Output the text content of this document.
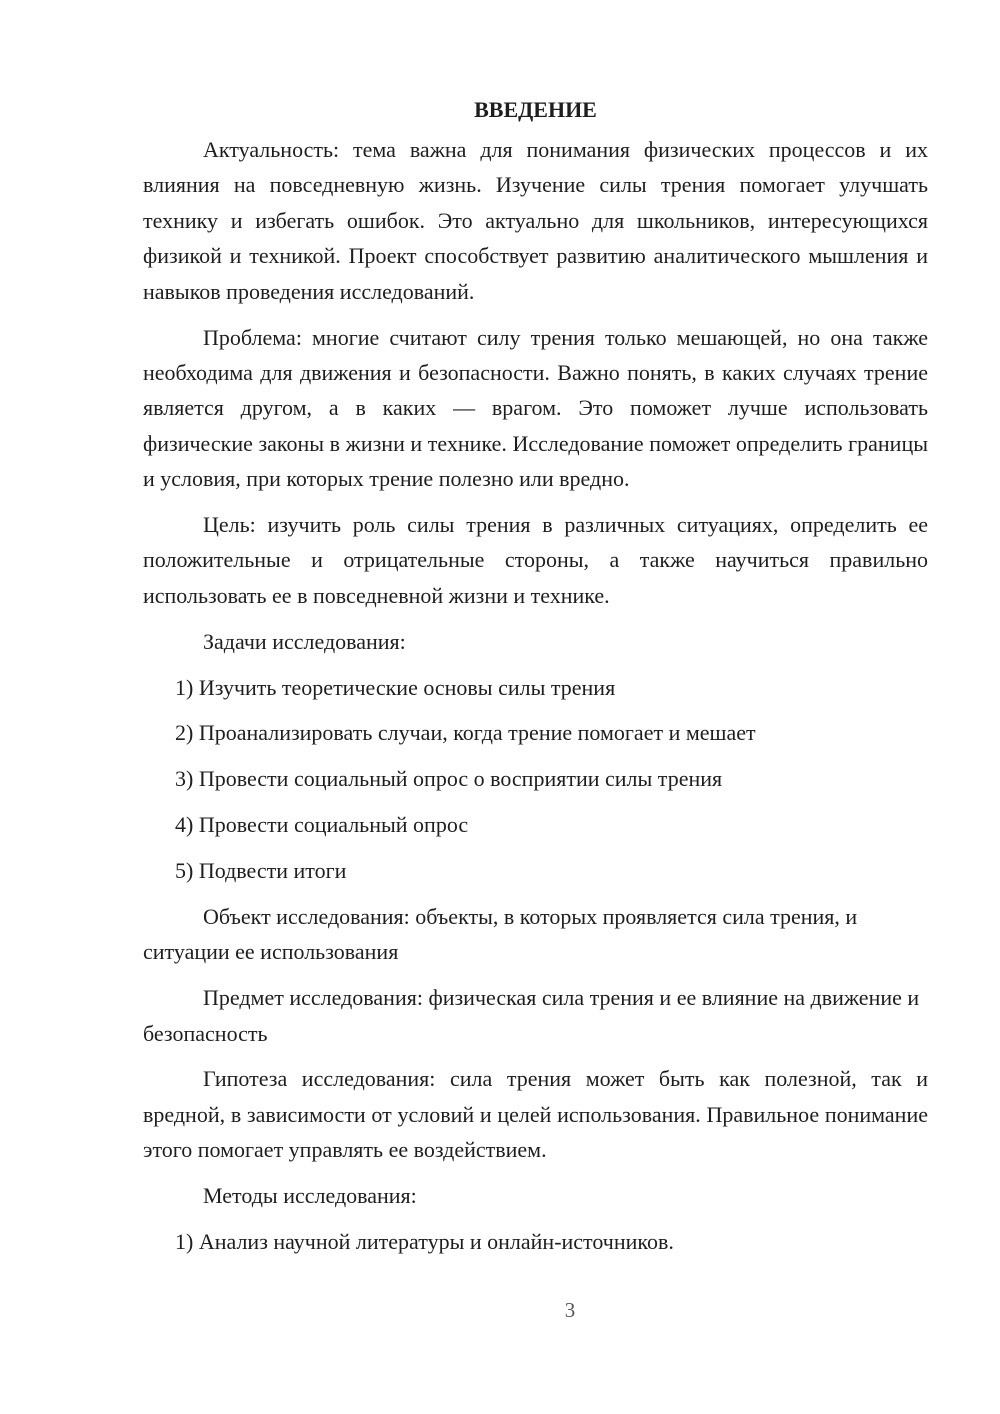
ВВЕДЕНИЕ

Актуальность: тема важна для понимания физических процессов и их влияния на повседневную жизнь. Изучение силы трения помогает улучшать технику и избегать ошибок. Это актуально для школьников, интересующихся физикой и техникой. Проект способствует развитию аналитического мышления и навыков проведения исследований.

Проблема: многие считают силу трения только мешающей, но она также необходима для движения и безопасности. Важно понять, в каких случаях трение является другом, а в каких — врагом. Это поможет лучше использовать физические законы в жизни и технике. Исследование поможет определить границы и условия, при которых трение полезно или вредно.

Цель: изучить роль силы трения в различных ситуациях, определить ее положительные и отрицательные стороны, а также научиться правильно использовать ее в повседневной жизни и технике.

Задачи исследования:

1) Изучить теоретические основы силы трения
2) Проанализировать случаи, когда трение помогает и мешает
3) Провести социальный опрос о восприятии силы трения
4) Провести социальный опрос
5) Подвести итоги

Объект исследования: объекты, в которых проявляется сила трения, и ситуации ее использования

Предмет исследования: физическая сила трения и ее влияние на движение и безопасность

Гипотеза исследования: сила трения может быть как полезной, так и вредной, в зависимости от условий и целей использования. Правильное понимание этого помогает управлять ее воздействием.

Методы исследования:

1) Анализ научной литературы и онлайн-источников.
3
